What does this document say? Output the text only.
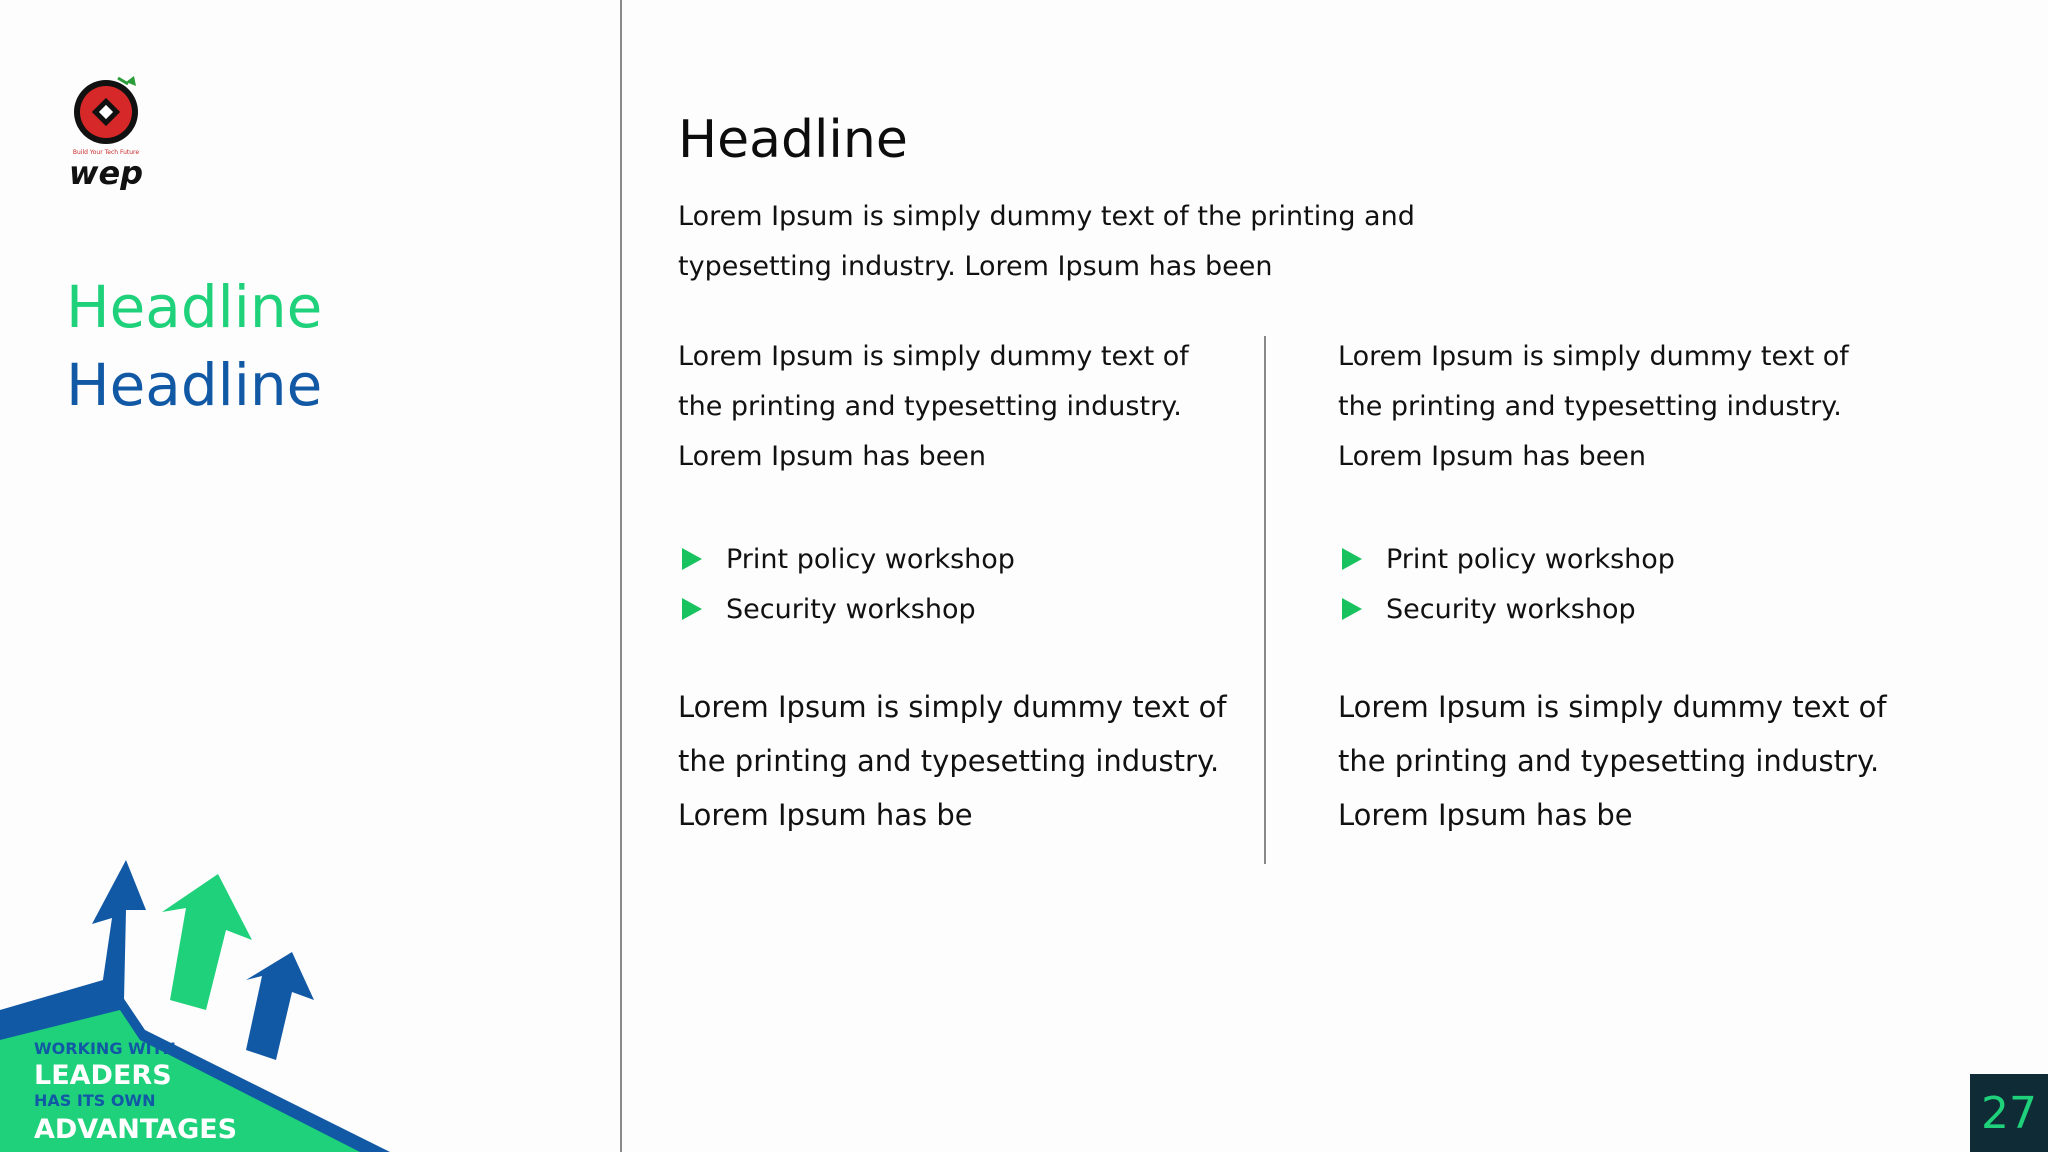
Build Your Tech Future
wep
Headline
Headline
WORKING WITH
LEADERS
HAS ITS OWN
ADVANTAGES
Headline
Lorem Ipsum is simply dummy text of the printing and typesetting industry. Lorem Ipsum has been

Lorem Ipsum is simply dummy text of the printing and typesetting industry. Lorem Ipsum has been

Print policy workshop
Security workshop

Lorem Ipsum is simply dummy text of the printing and typesetting industry. Lorem Ipsum has be

Lorem Ipsum is simply dummy text of the printing and typesetting industry. Lorem Ipsum has been

Print policy workshop
Security workshop

Lorem Ipsum is simply dummy text of the printing and typesetting industry. Lorem Ipsum has be

27
